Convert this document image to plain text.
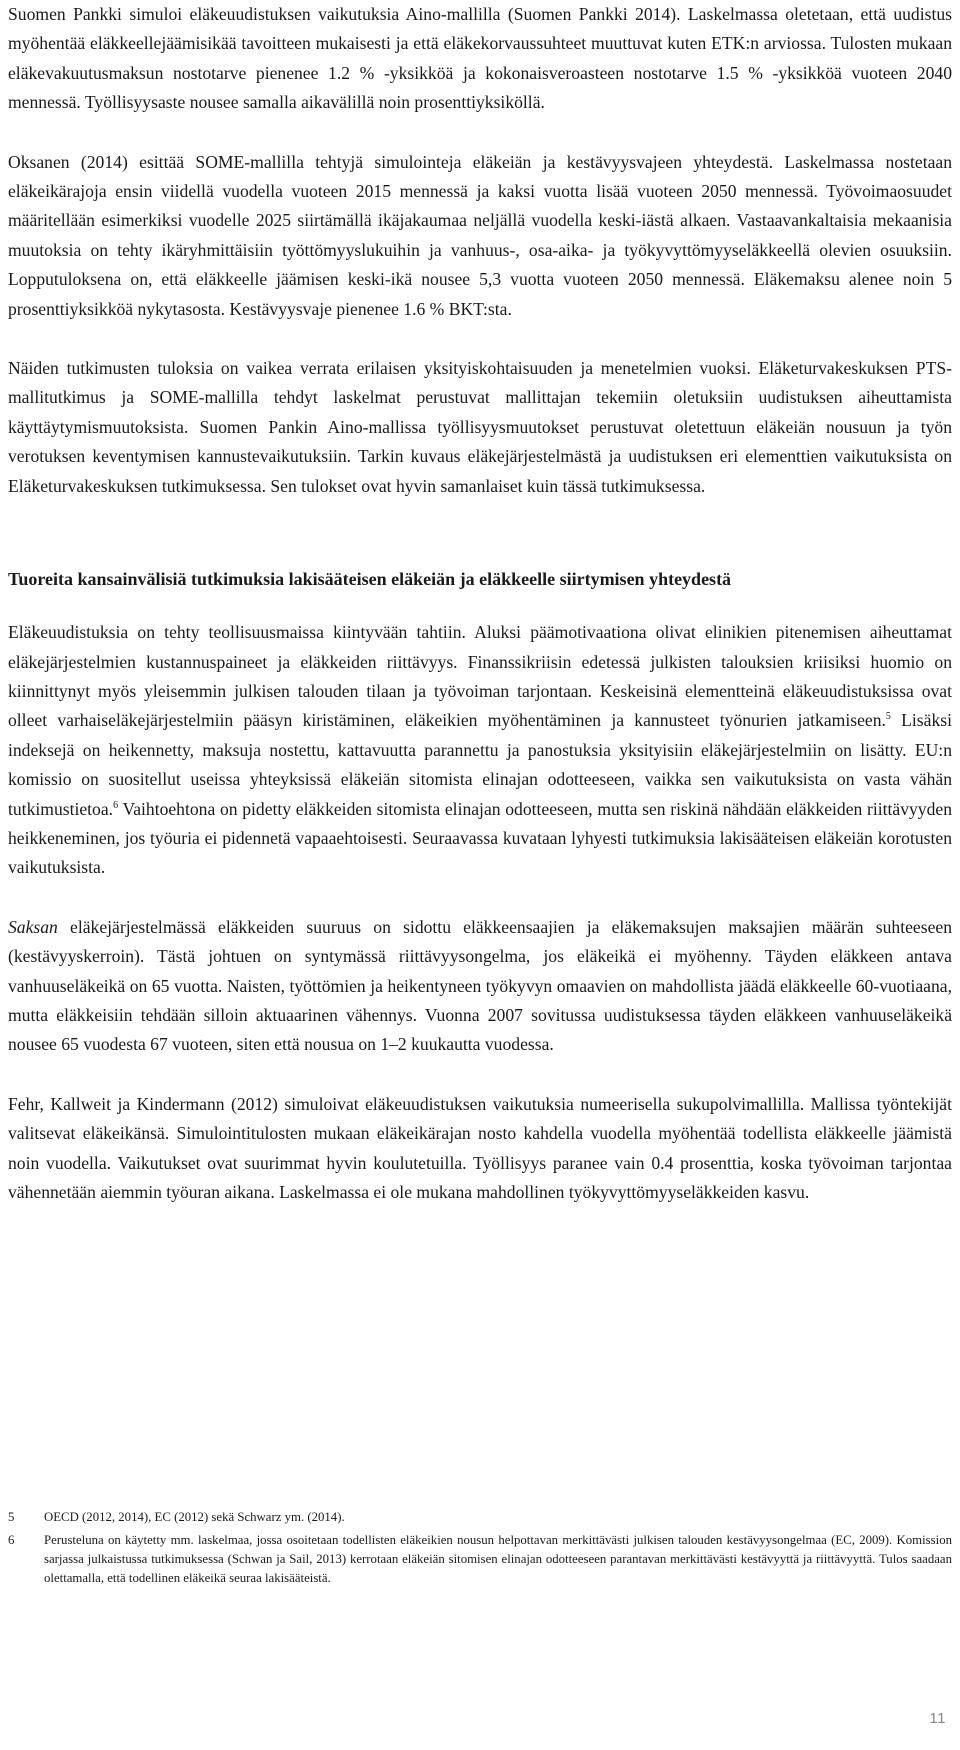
Suomen Pankki simuloi eläkeuudistuksen vaikutuksia Aino-mallilla (Suomen Pankki 2014). Laskelmassa oletetaan, että uudistus myöhentää eläkkeellejäämisikää tavoitteen mukaisesti ja että eläkekorvaussuhteet muuttuvat kuten ETK:n arviossa. Tulosten mukaan eläkevakuutusmaksun nostotarve pienenee 1.2 % -yksikköä ja kokonaisveroasteen nostotarve 1.5 % -yksikköä vuoteen 2040 mennessä. Työllisyysaste nousee samalla aikavälillä noin prosenttiyksiköllä.

Oksanen (2014) esittää SOME-mallilla tehtyjä simulointeja eläkeiän ja kestävyysvajeen yhteydestä. Laskelmassa nostetaan eläkeikärajoja ensin viidellä vuodella vuoteen 2015 mennessä ja kaksi vuotta lisää vuoteen 2050 mennessä. Työvoimaosuudet määritellään esimerkiksi vuodelle 2025 siirtämällä ikäjakaumaa neljällä vuodella keski-iästä alkaen. Vastaavankaltaisia mekaanisia muutoksia on tehty ikäryhmittäisiin työttömyyslukuihin ja vanhuus-, osa-aika- ja työkyvyttömyyseläkkeellä olevien osuuksiin. Lopputuloksena on, että eläkkeelle jäämisen keski-ikä nousee 5,3 vuotta vuoteen 2050 mennessä. Eläkemaksu alenee noin 5 prosenttiyksikköä nykytasosta. Kestävyysvaje pienenee 1.6 % BKT:sta.

Näiden tutkimusten tuloksia on vaikea verrata erilaisen yksityiskohtaisuuden ja menetelmien vuoksi. Eläketurvakeskuksen PTS-mallitutkimus ja SOME-mallilla tehdyt laskelmat perustuvat mallittajan tekemiin oletuksiin uudistuksen aiheuttamista käyttäytymismuutoksista. Suomen Pankin Aino-mallissa työllisyysmuutokset perustuvat oletettuun eläkeiän nousuun ja työn verotuksen keventymisen kannustevaikutuksiin. Tarkin kuvaus eläkejärjestelmästä ja uudistuksen eri elementtien vaikutuksista on Eläketurvakeskuksen tutkimuksessa. Sen tulokset ovat hyvin samanlaiset kuin tässä tutkimuksessa.

Tuoreita kansainvälisiä tutkimuksia lakisääteisen eläkeiän ja eläkkeelle siirtymisen yhteydestä

Eläkeuudistuksia on tehty teollisuusmaissa kiintyvään tahtiin. Aluksi päämotivaationa olivat elinikien pitenemisen aiheuttamat eläkejärjestelmien kustannuspaineet ja eläkkeiden riittävyys. Finanssikriisin edetessä julkisten talouksien kriisiksi huomio on kiinnittynyt myös yleisemmin julkisen talouden tilaan ja työvoiman tarjontaan. Keskeisinä elementteinä eläkeuudistuksissa ovat olleet varhaiseläkejärjestelmiin pääsyn kiristäminen, eläkeikien myöhentäminen ja kannusteet työnurien jatkamiseen.$^5$ Lisäksi indeksejä on heikennetty, maksuja nostettu, kattavuutta parannettu ja panostuksia yksityisiin eläkejärjestelmiin on lisätty. EU:n komissio on suositellut useissa yhteyksissä eläkeiän sitomista elinajan odotteeseen, vaikka sen vaikutuksista on vasta vähän tutkimustietoa.$^6$ Vaihtoehtona on pidetty eläkkeiden sitomista elinajan odotteeseen, mutta sen riskinä nähdään eläkkeiden riittävyyden heikkeneminen, jos työuria ei pidennetä vapaaehtoisesti. Seuraavassa kuvataan lyhyesti tutkimuksia lakisääteisen eläkeiän korotusten vaikutuksista.

Saksan eläkejärjestelmässä eläkkeiden suuruus on sidottu eläkkeensaajien ja eläkemaksujen maksajien määrän suhteeseen (kestävyyskerroin). Tästä johtuen on syntymässä riittävyysongelma, jos eläkeikä ei myöhenny. Täyden eläkkeen antava vanhuuseläkeikä on 65 vuotta. Naisten, työttömien ja heikentyneen työkyvyn omaavien on mahdollista jäädä eläkkeelle 60-vuotiaana, mutta eläkkeisiin tehdään silloin aktuaarinen vähennys. Vuonna 2007 sovitussa uudistuksessa täyden eläkkeen vanhuuseläkeikä nousee 65 vuodesta 67 vuoteen, siten että nousua on 1–2 kuukautta vuodessa.

Fehr, Kallweit ja Kindermann (2012) simuloivat eläkeuudistuksen vaikutuksia numeerisella sukupolvimallilla. Mallissa työntekijät valitsevat eläkeikänsä. Simulointitulosten mukaan eläkeikärajan nosto kahdella vuodella myöhentää todellista eläkkeelle jäämistä noin vuodella. Vaikutukset ovat suurimmat hyvin koulutetuilla. Työllisyys paranee vain 0.4 prosenttia, koska työvoiman tarjontaa vähennetään aiemmin työuran aikana. Laskelmassa ei ole mukana mahdollinen työkyvyttömyyseläkkeiden kasvu.

5	OECD (2012, 2014), EC (2012) sekä Schwarz ym. (2014).
6	Perusteluna on käytetty mm. laskelmaa, jossa osoitetaan todellisten eläkeikien nousun helpottavan merkittävästi julkisen talouden kestävyysongelmaa (EC, 2009). Komission sarjassa julkaistussa tutkimuksessa (Schwan ja Sail, 2013) kerrotaan eläkeiän sitomisen elinajan odotteeseen parantavan merkittävästi kestävyyttä ja riittävyyttä. Tulos saadaan olettamalla, että todellinen eläkeikä seuraa lakisääteistä.
11
